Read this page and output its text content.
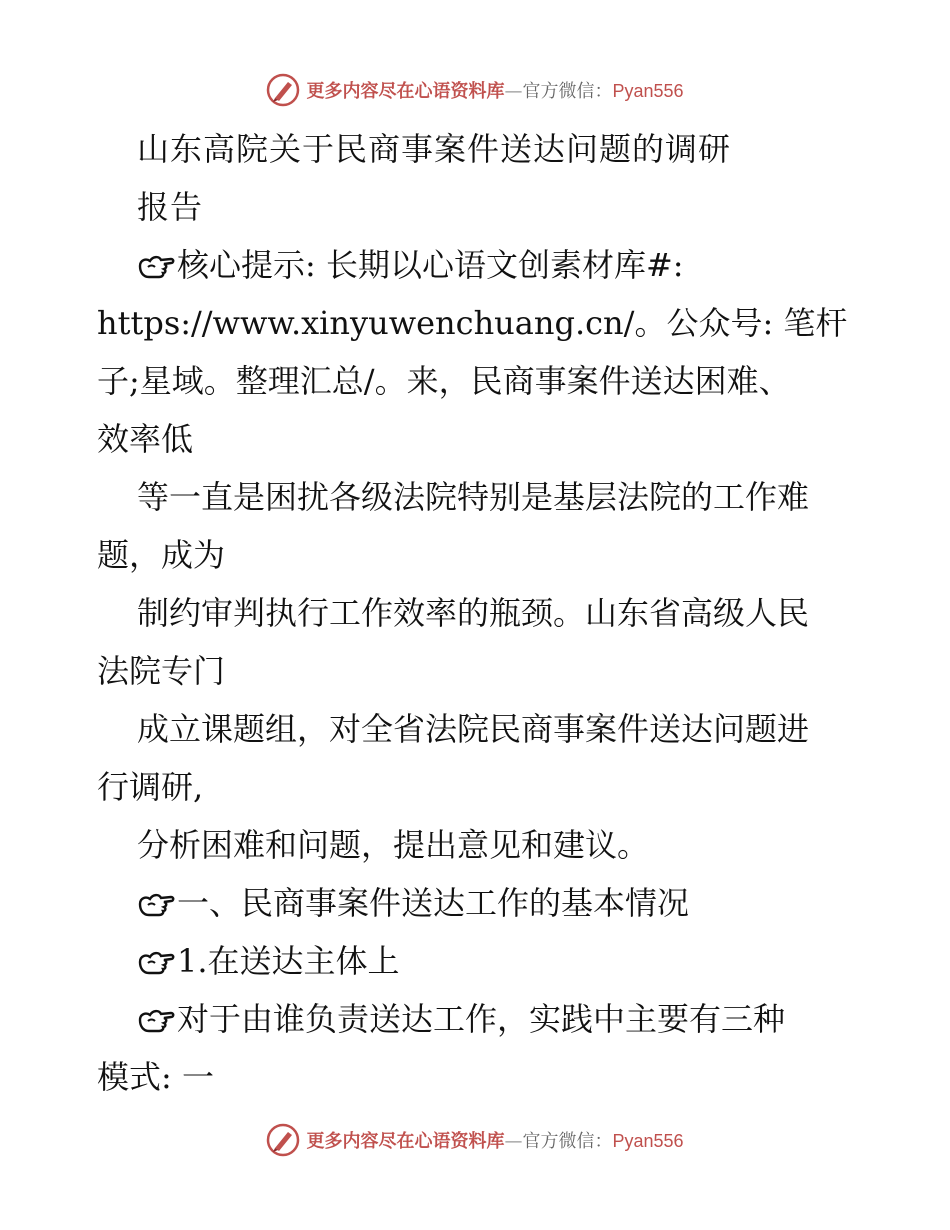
更多内容尽在心语资料库—官方微信：Pyan556

山东高院关于民商事案件送达问题的调研

报告

核心提示: 长期以心语文创素材库#:

https://www.xinyuwenchuang.cn/。公众号: 笔杆

子;星域。整理汇总/。来，民商事案件送达困难、

效率低

等一直是困扰各级法院特别是基层法院的工作难

题，成为

制约审判执行工作效率的瓶颈。山东省高级人民

法院专门

成立课题组，对全省法院民商事案件送达问题进

行调研,

分析困难和问题，提出意见和建议。

一、民商事案件送达工作的基本情况

1.在送达主体上

对于由谁负责送达工作，实践中主要有三种

模式: 一

更多内容尽在心语资料库—官方微信：Pyan556
